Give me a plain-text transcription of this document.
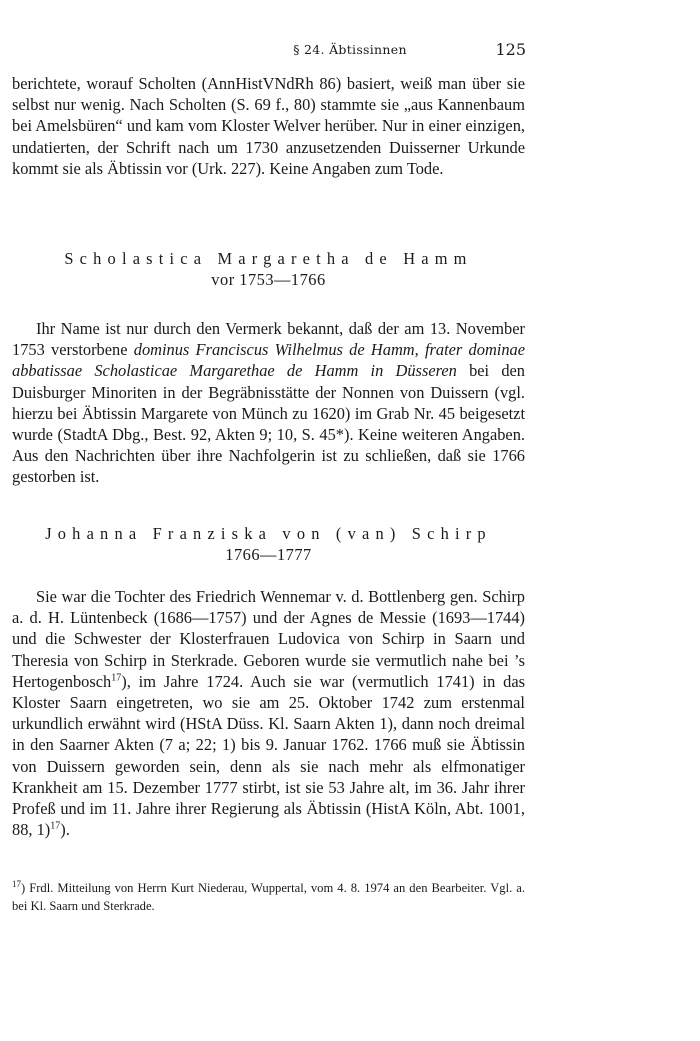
§ 24. Äbtissinnen	125

berichtete, worauf Scholten (AnnHistVNdRh 86) basiert, weiß man über sie selbst nur wenig. Nach Scholten (S. 69 f., 80) stammte sie „aus Kannenbaum bei Amelsbüren“ und kam vom Kloster Welver herüber. Nur in einer einzigen, undatierten, der Schrift nach um 1730 anzusetzenden Duisserner Urkunde kommt sie als Äbtissin vor (Urk. 227). Keine Angaben zum Tode.

Scholastica Margaretha de Hamm
vor 1753—1766

Ihr Name ist nur durch den Vermerk bekannt, daß der am 13. November 1753 verstorbene dominus Franciscus Wilhelmus de Hamm, frater dominae abbatissae Scholasticae Margarethae de Hamm in Düsseren bei den Duisburger Minoriten in der Begräbnisstätte der Nonnen von Duissern (vgl. hierzu bei Äbtissin Margarete von Münch zu 1620) im Grab Nr. 45 beigesetzt wurde (StadtA Dbg., Best. 92, Akten 9; 10, S. 45*). Keine weiteren Angaben. Aus den Nachrichten über ihre Nachfolgerin ist zu schließen, daß sie 1766 gestorben ist.

Johanna Franziska von (van) Schirp
1766—1777

Sie war die Tochter des Friedrich Wennemar v. d. Bottlenberg gen. Schirp a. d. H. Lüntenbeck (1686—1757) und der Agnes de Messie (1693—1744) und die Schwester der Klosterfrauen Ludovica von Schirp in Saarn und Theresia von Schirp in Sterkrade. Geboren wurde sie vermutlich nahe bei ’s Hertogenbosch$^{17}$), im Jahre 1724. Auch sie war (vermutlich 1741) in das Kloster Saarn eingetreten, wo sie am 25. Oktober 1742 zum erstenmal urkundlich erwähnt wird (HStA Düss. Kl. Saarn Akten 1), dann noch dreimal in den Saarner Akten (7 a; 22; 1) bis 9. Januar 1762. 1766 muß sie Äbtissin von Duissern geworden sein, denn als sie nach mehr als elfmonatiger Krankheit am 15. Dezember 1777 stirbt, ist sie 53 Jahre alt, im 36. Jahr ihrer Profeß und im 11. Jahre ihrer Regierung als Äbtissin (HistA Köln, Abt. 1001, 88, 1)$^{17}$).

$^{17}$) Frdl. Mitteilung von Herrn Kurt Niederau, Wuppertal, vom 4. 8. 1974 an den Bearbeiter. Vgl. a. bei Kl. Saarn und Sterkrade.
